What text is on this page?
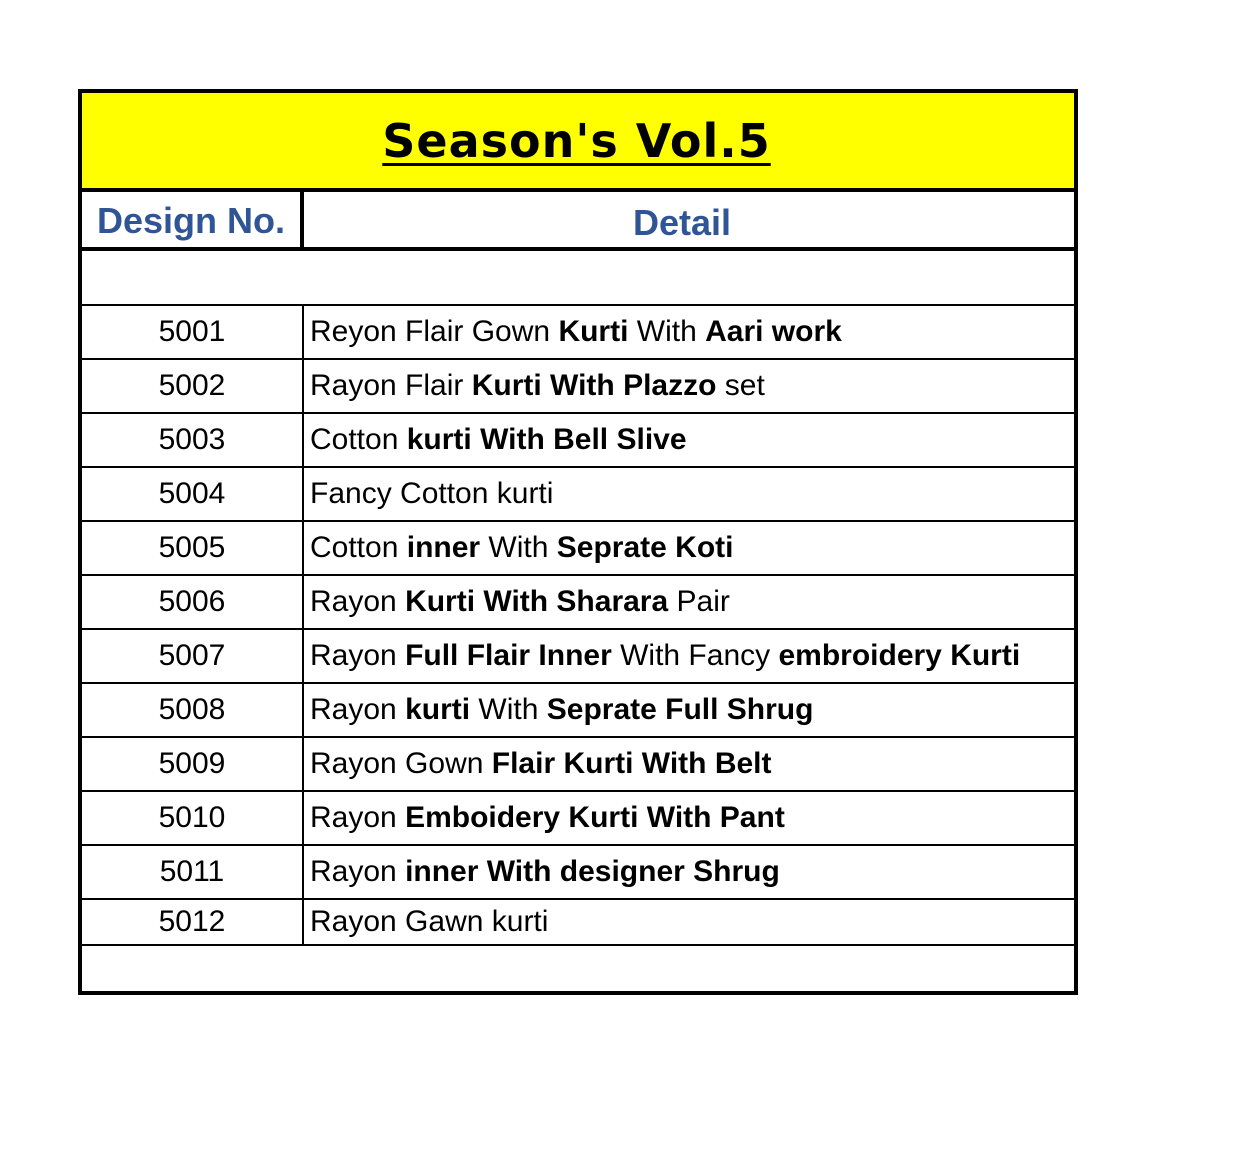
Season's Vol.5
Design No.	Detail
5001	Reyon Flair Gown Kurti With Aari work
5002	Rayon Flair Kurti With Plazzo set
5003	Cotton kurti With Bell Slive
5004	Fancy Cotton kurti
5005	Cotton inner With Seprate Koti
5006	Rayon Kurti With Sharara Pair
5007	Rayon Full Flair Inner With Fancy embroidery Kurti
5008	Rayon kurti With Seprate Full Shrug
5009	Rayon Gown Flair Kurti With Belt
5010	Rayon Emboidery Kurti With Pant
5011	Rayon inner With designer Shrug
5012	Rayon Gawn kurti
